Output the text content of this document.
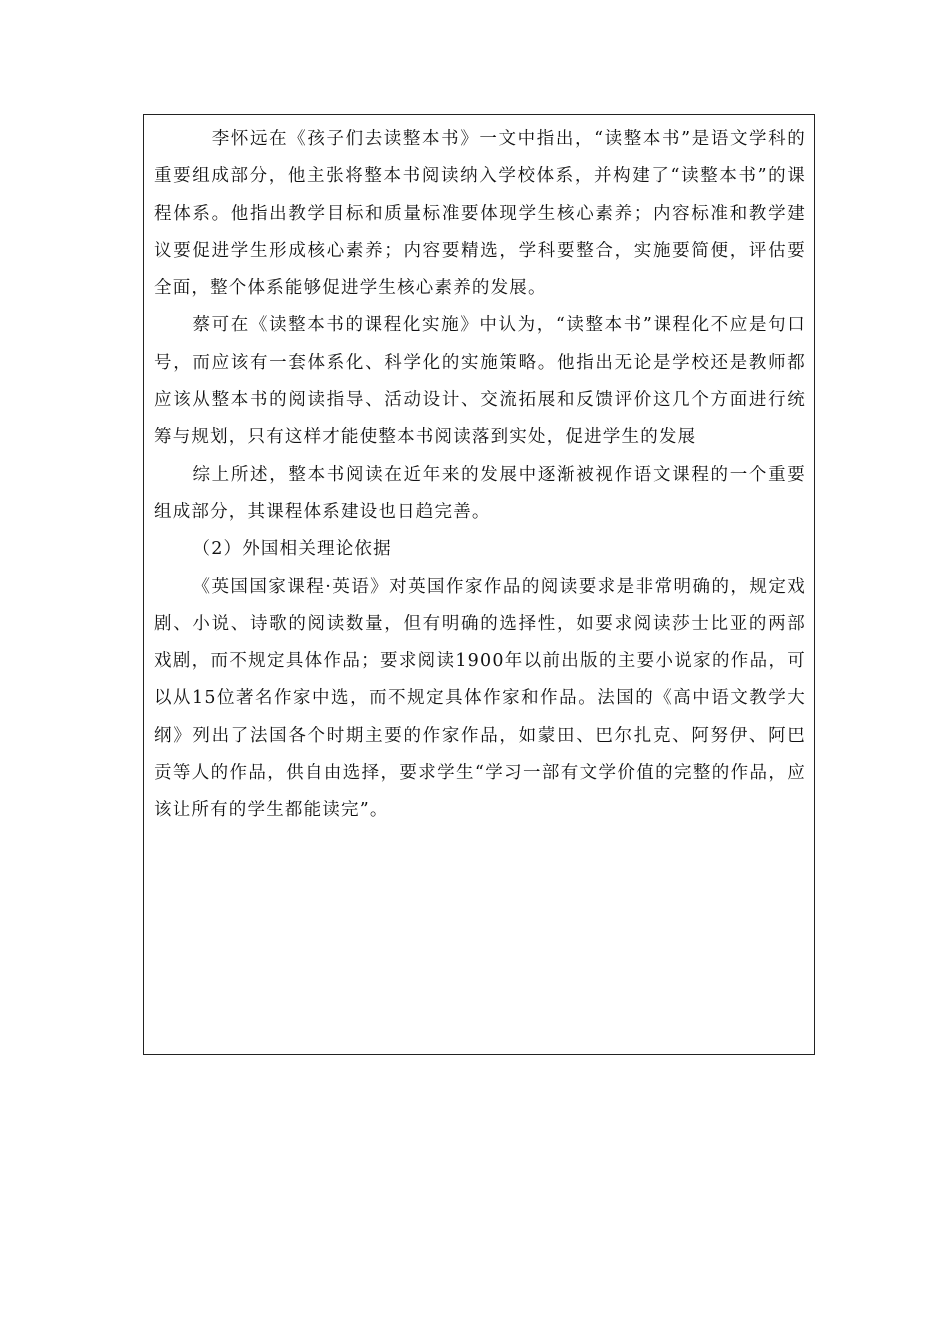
李怀远在《孩子们去读整本书》一文中指出，“读整本书”是语文学科的重要组成部分，他主张将整本书阅读纳入学校体系，并构建了“读整本书”的课程体系。他指出教学目标和质量标准要体现学生核心素养；内容标准和教学建议要促进学生形成核心素养；内容要精选，学科要整合，实施要简便，评估要全面，整个体系能够促进学生核心素养的发展。

蔡可在《读整本书的课程化实施》中认为，“读整本书”课程化不应是句口号，而应该有一套体系化、科学化的实施策略。他指出无论是学校还是教师都应该从整本书的阅读指导、活动设计、交流拓展和反馈评价这几个方面进行统筹与规划，只有这样才能使整本书阅读落到实处，促进学生的发展

综上所述，整本书阅读在近年来的发展中逐渐被视作语文课程的一个重要组成部分，其课程体系建设也日趋完善。

（2）外国相关理论依据

《英国国家课程·英语》对英国作家作品的阅读要求是非常明确的，规定戏剧、小说、诗歌的阅读数量，但有明确的选择性，如要求阅读莎士比亚的两部戏剧，而不规定具体作品；要求阅读1900年以前出版的主要小说家的作品，可以从15位著名作家中选，而不规定具体作家和作品。法国的《高中语文教学大纲》列出了法国各个时期主要的作家作品，如蒙田、巴尔扎克、阿努伊、阿巴贡等人的作品，供自由选择，要求学生“学习一部有文学价值的完整的作品，应该让所有的学生都能读完”。
